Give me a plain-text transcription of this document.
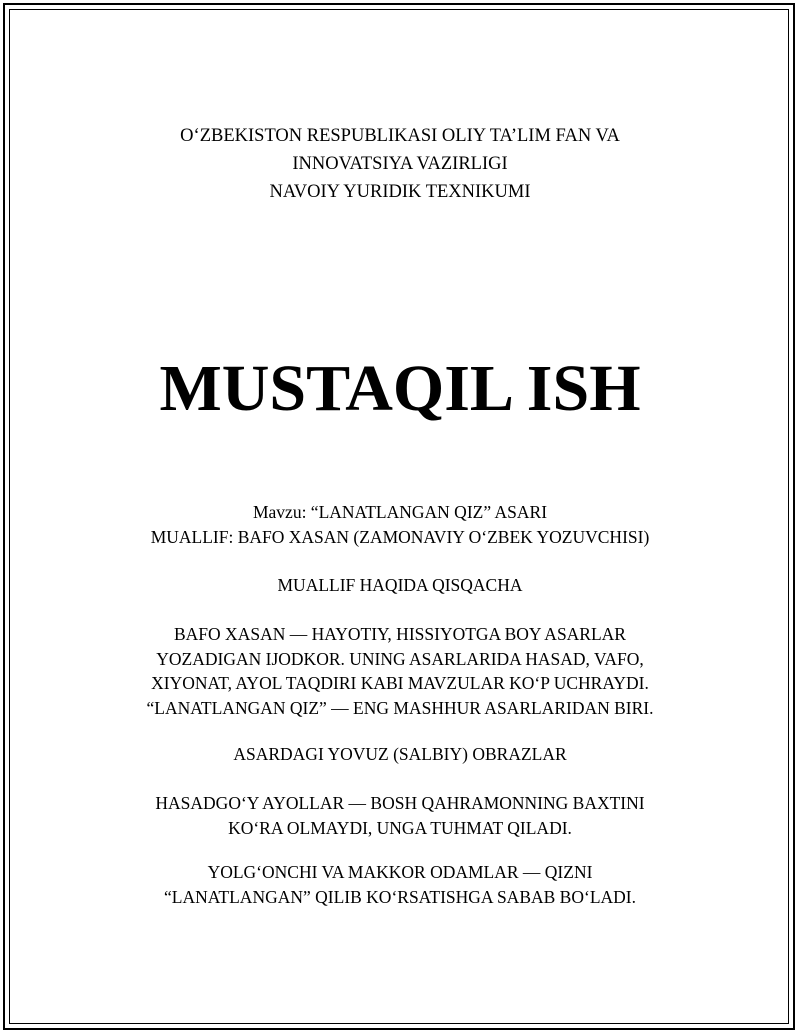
O‘ZBEKISTON RESPUBLIKASI OLIY TA’LIM FAN VA
INNOVATSIYA VAZIRLIGI
NAVOIY YURIDIK TEXNIKUMI
MUSTAQIL ISH
Mavzu: “LANATLANGAN QIZ” ASARI
MUALLIF: BAFO XASAN (ZAMONAVIY O‘ZBEK YOZUVCHISI)
MUALLIF HAQIDA QISQACHA
BAFO XASAN — HAYOTIY, HISSIYOTGA BOY ASARLAR
YOZADIGAN IJODKOR. UNING ASARLARIDA HASAD, VAFO,
XIYONAT, AYOL TAQDIRI KABI MAVZULAR KO‘P UCHRAYDI.
“LANATLANGAN QIZ” — ENG MASHHUR ASARLARIDAN BIRI.
ASARDAGI YOVUZ (SALBIY) OBRAZLAR
HASADGO‘Y AYOLLAR — BOSH QAHRAMONNING BAXTINI
KO‘RA OLMAYDI, UNGA TUHMAT QILADI.
YOLG‘ONCHI VA MAKKOR ODAMLAR — QIZNI
“LANATLANGAN” QILIB KO‘RSATISHGA SABAB BO‘LADI.
